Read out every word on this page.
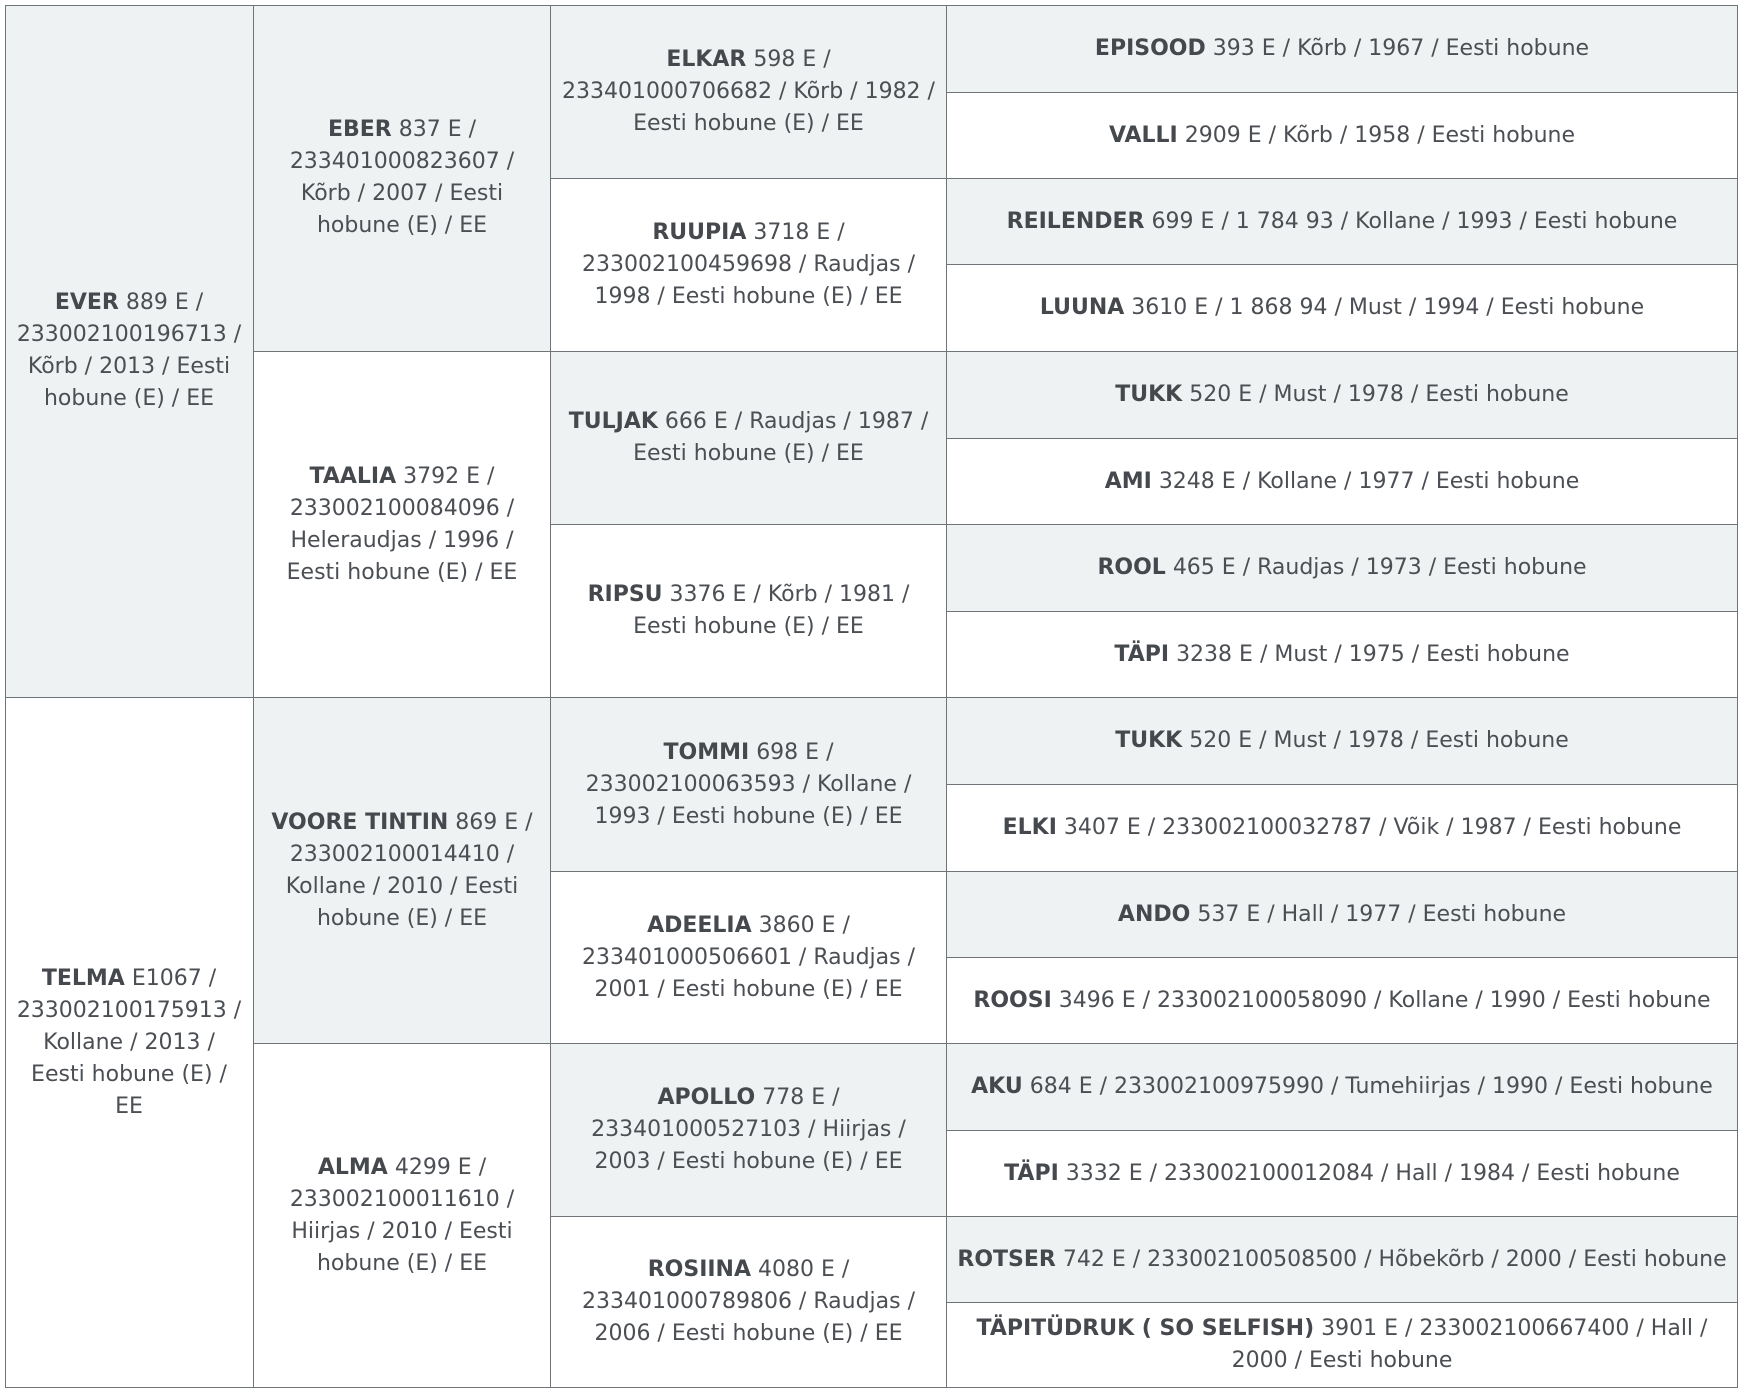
EVER 889 E / 233002100196713 / Kõrb / 2013 / Eesti hobune (E) / EE
TELMA E1067 / 233002100175913 / Kollane / 2013 / Eesti hobune (E) / EE
EBER 837 E / 233401000823607 / Kõrb / 2007 / Eesti hobune (E) / EE
TAALIA 3792 E / 233002100084096 / Heleraudjas / 1996 / Eesti hobune (E) / EE
VOORE TINTIN 869 E / 233002100014410 / Kollane / 2010 / Eesti hobune (E) / EE
ALMA 4299 E / 233002100011610 / Hiirjas / 2010 / Eesti hobune (E) / EE
ELKAR 598 E / 233401000706682 / Kõrb / 1982 / Eesti hobune (E) / EE
RUUPIA 3718 E / 233002100459698 / Raudjas / 1998 / Eesti hobune (E) / EE
TULJAK 666 E / Raudjas / 1987 / Eesti hobune (E) / EE
RIPSU 3376 E / Kõrb / 1981 / Eesti hobune (E) / EE
TOMMI 698 E / 233002100063593 / Kollane / 1993 / Eesti hobune (E) / EE
ADEELIA 3860 E / 233401000506601 / Raudjas / 2001 / Eesti hobune (E) / EE
APOLLO 778 E / 233401000527103 / Hiirjas / 2003 / Eesti hobune (E) / EE
ROSIINA 4080 E / 233401000789806 / Raudjas / 2006 / Eesti hobune (E) / EE
EPISOOD 393 E / Kõrb / 1967 / Eesti hobune
VALLI 2909 E / Kõrb / 1958 / Eesti hobune
REILENDER 699 E / 1 784 93 / Kollane / 1993 / Eesti hobune
LUUNA 3610 E / 1 868 94 / Must / 1994 / Eesti hobune
TUKK 520 E / Must / 1978 / Eesti hobune
AMI 3248 E / Kollane / 1977 / Eesti hobune
ROOL 465 E / Raudjas / 1973 / Eesti hobune
TÄPI 3238 E / Must / 1975 / Eesti hobune
TUKK 520 E / Must / 1978 / Eesti hobune
ELKI 3407 E / 233002100032787 / Võik / 1987 / Eesti hobune
ANDO 537 E / Hall / 1977 / Eesti hobune
ROOSI 3496 E / 233002100058090 / Kollane / 1990 / Eesti hobune
AKU 684 E / 233002100975990 / Tumehiirjas / 1990 / Eesti hobune
TÄPI 3332 E / 233002100012084 / Hall / 1984 / Eesti hobune
ROTSER 742 E / 233002100508500 / Hõbekõrb / 2000 / Eesti hobune
TÄPITÜDRUK ( SO SELFISH) 3901 E / 233002100667400 / Hall / 2000 / Eesti hobune
